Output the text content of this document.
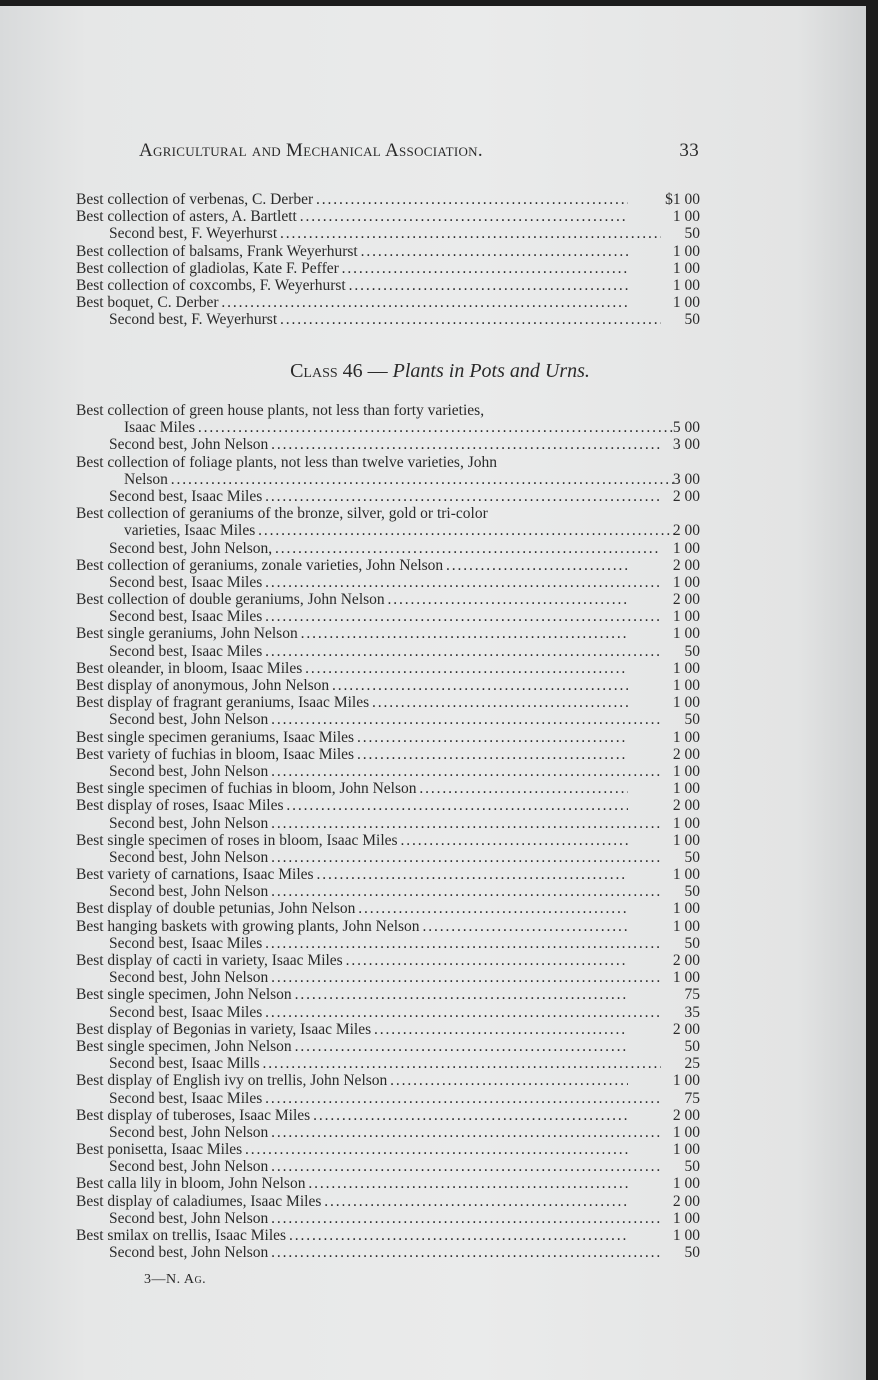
Agricultural and Mechanical Association.	33
Best collection of verbenas, C. Derber . . .	$1 00
Best collection of asters, A. Bartlett . . .	1 00
Second best, F. Weyerhurst . . .	50
Best collection of balsams, Frank Weyerhurst . . .	1 00
Best collection of gladiolas, Kate F. Peffer . . .	1 00
Best collection of coxcombs, F. Weyerhurst . . .	1 00
Best boquet, C. Derber . . .	1 00
Second best, F. Weyerhurst . . .	50
Class 46 — Plants in Pots and Urns.
Best collection of green house plants, not less than forty varieties,
Isaac Miles . . .	5 00
Second best, John Nelson . . .	3 00
Best collection of foliage plants, not less than twelve varieties, John
Nelson . . .	3 00
Second best, Isaac Miles . . .	2 00
Best collection of geraniums of the bronze, silver, gold or tri-color
varieties, Isaac Miles . . .	2 00
Second best, John Nelson, . . .	1 00
Best collection of geraniums, zonale varieties, John Nelson . . .	2 00
Second best, Isaac Miles . . .	1 00
Best collection of double geraniums, John Nelson . . .	2 00
Second best, Isaac Miles . . .	1 00
Best single geraniums, John Nelson . . .	1 00
Second best, Isaac Miles . . .	50
Best oleander, in bloom, Isaac Miles . . .	1 00
Best display of anonymous, John Nelson . . .	1 00
Best display of fragrant geraniums, Isaac Miles . . .	1 00
Second best, John Nelson . . .	50
Best single specimen geraniums, Isaac Miles . . .	1 00
Best variety of fuchias in bloom, Isaac Miles . . .	2 00
Second best, John Nelson . . .	1 00
Best single specimen of fuchias in bloom, John Nelson . . .	1 00
Best display of roses, Isaac Miles . . .	2 00
Second best, John Nelson . . .	1 00
Best single specimen of roses in bloom, Isaac Miles . . .	1 00
Second best, John Nelson . . .	50
Best variety of carnations, Isaac Miles . . .	1 00
Second best, John Nelson . . .	50
Best display of double petunias, John Nelson . . .	1 00
Best hanging baskets with growing plants, John Nelson . . .	1 00
Second best, Isaac Miles . . .	50
Best display of cacti in variety, Isaac Miles . . .	2 00
Second best, John Nelson . . .	1 00
Best single specimen, John Nelson . . .	75
Second best, Isaac Miles . . .	35
Best display of Begonias in variety, Isaac Miles . . .	2 00
Best single specimen, John Nelson . . .	50
Second best, Isaac Mills . . .	25
Best display of English ivy on trellis, John Nelson . . .	1 00
Second best, Isaac Miles . . .	75
Best display of tuberoses, Isaac Miles . . .	2 00
Second best, John Nelson . . .	1 00
Best ponisetta, Isaac Miles . . .	1 00
Second best, John Nelson . . .	50
Best calla lily in bloom, John Nelson . . .	1 00
Best display of caladiumes, Isaac Miles . . .	2 00
Second best, John Nelson . . .	1 00
Best smilax on trellis, Isaac Miles . . .	1 00
Second best, John Nelson . . .	50
3—N. Ag.
